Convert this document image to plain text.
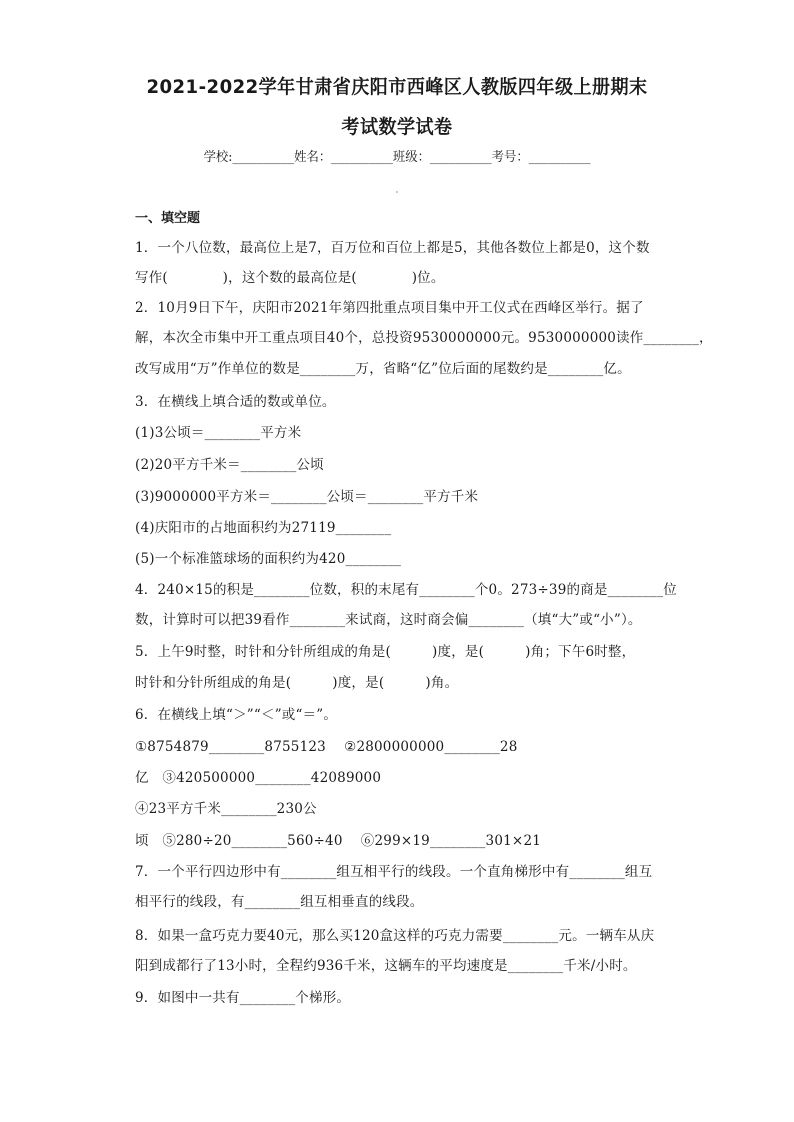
2021-2022学年甘肃省庆阳市西峰区人教版四年级上册期末
考试数学试卷
学校:__________姓名：__________班级：__________考号：__________
一、填空题
1．一个八位数，最高位上是7，百万位和百位上都是5，其他各数位上都是0，这个数
写作(　　　　)，这个数的最高位是(　　　　)位。
2．10月9日下午，庆阳市2021年第四批重点项目集中开工仪式在西峰区举行。据了
解，本次全市集中开工重点项目40个，总投资9530000000元。9530000000读作________，
改写成用“万”作单位的数是________万，省略“亿”位后面的尾数约是________亿。
3．在横线上填合适的数或单位。
(1)3公顷＝________平方米
(2)20平方千米＝________公顷
(3)9000000平方米＝________公顷＝________平方千米
(4)庆阳市的占地面积约为27119________
(5)一个标准篮球场的面积约为420________
4．240×15的积是________位数，积的末尾有________个0。273÷39的商是________位
数，计算时可以把39看作________来试商，这时商会偏________（填“大”或“小”）。
5．上午9时整，时针和分针所组成的角是(　　　)度，是(　　　)角；下午6时整，
时针和分针所组成的角是(　　　)度，是(　　　)角。
6．在横线上填“＞”“＜”或“＝”。
①8754879________8755123　 ②2800000000________28
亿　③420500000________42089000
④23平方千米________230公
顷　⑤280÷20________560÷40　 ⑥299×19________301×21
7．一个平行四边形中有________组互相平行的线段。一个直角梯形中有________组互
相平行的线段，有________组互相垂直的线段。
8．如果一盒巧克力要40元，那么买120盒这样的巧克力需要________元。一辆车从庆
阳到成都行了13小时，全程约936千米，这辆车的平均速度是________千米/小时。
9．如图中一共有________个梯形。
